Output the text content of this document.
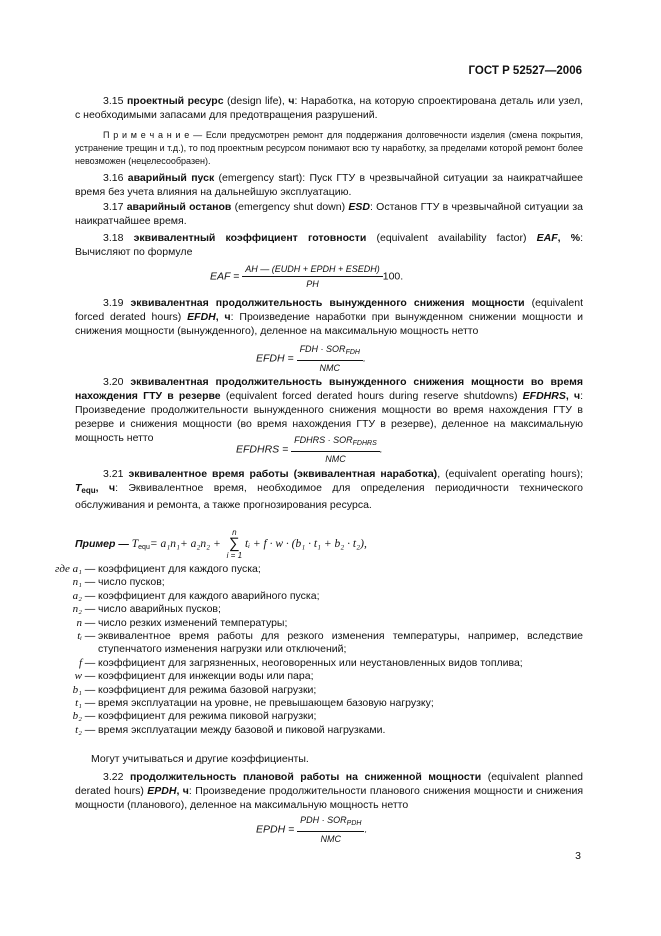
ГОСТ Р 52527—2006
3.15 проектный ресурс (design life), ч: Наработка, на которую спроектирована деталь или узел, с необходимыми запасами для предотвращения разрушений.
П р и м е ч а н и е — Если предусмотрен ремонт для поддержания долговечности изделия (смена покрытия, устранение трещин и т.д.), то под проектным ресурсом понимают всю ту наработку, за пределами которой ремонт более невозможен (нецелесообразен).
3.16 аварийный пуск (emergency start): Пуск ГТУ в чрезвычайной ситуации за наикратчайшее время без учета влияния на дальнейшую эксплуатацию.
3.17 аварийный останов (emergency shut down) ESD: Останов ГТУ в чрезвычайной ситуации за наикратчайшее время.
3.18 эквивалентный коэффициент готовности (equivalent availability factor) EAF, %: Вычисляют по формуле
EAF = $\frac{\text{AH — (EUDH + EPDH + ESEDH)}}{PH} 100$.
3.19 эквивалентная продолжительность вынужденного снижения мощности (equivalent forced derated hours) EFDH, ч: Произведение наработки при вынужденном снижении мощности и снижения мощности (вынужденного), деленное на максимальную мощность нетто
EFDH = $\frac{FDH \cdot SOR_{FDH}}{\text{NMC}}$ .
3.20 эквивалентная продолжительность вынужденного снижения мощности во время нахождения ГТУ в резерве (equivalent forced derated hours during reserve shutdowns) EFDHRS, ч: Произведение продолжительности вынужденного снижения мощности во время нахождения ГТУ в резерве и снижения мощности (во время нахождения ГТУ в резерве), деленное на максимальную мощность нетто
EFDHRS = $\frac{FDHRS \cdot SOR_{FDHRS}}{\text{NMC}}$ .
3.21 эквивалентное время работы (эквивалентная наработка), (equivalent operating hours); $T_{equ}$, ч: Эквивалентное время, необходимое для определения периодичности технического обслуживания и ремонта, а также прогнозирования ресурса.
Пример — $T_{equ}= a_1n_1+ a_2n_2$ +
n
∑
i = 1
tᵢ + f · w · (b₁ · t₁ + b₂ · t₂),
где a₁ — коэффициент для каждого пуска;
n₁ — число пусков;
a₂ — коэффициент для каждого аварийного пуска;
n₂ — число аварийных пусков;
n — число резких изменений температуры;
tᵢ — эквивалентное время работы для резкого изменения температуры, например, вследствие ступенчатого изменения нагрузки или отключений;
f — коэффициент для загрязненных, неоговоренных или неустановленных видов топлива;
w — коэффициент для инжекции воды или пара;
b₁ — коэффициент для режима базовой нагрузки;
t₁ — время эксплуатации на уровне, не превышающем базовую нагрузку;
b₂ — коэффициент для режима пиковой нагрузки;
t₂ — время эксплуатации между базовой и пиковой нагрузками.
Могут учитываться и другие коэффициенты.
3.22 продолжительность плановой работы на сниженной мощности (equivalent planned derated hours) EPDH, ч: Произведение продолжительности планового снижения мощности и снижения мощности (планового), деленное на максимальную мощность нетто
EPDH = $\frac{PDH \cdot SOR_{PDH}}{\text{NMC}}$ .
3
